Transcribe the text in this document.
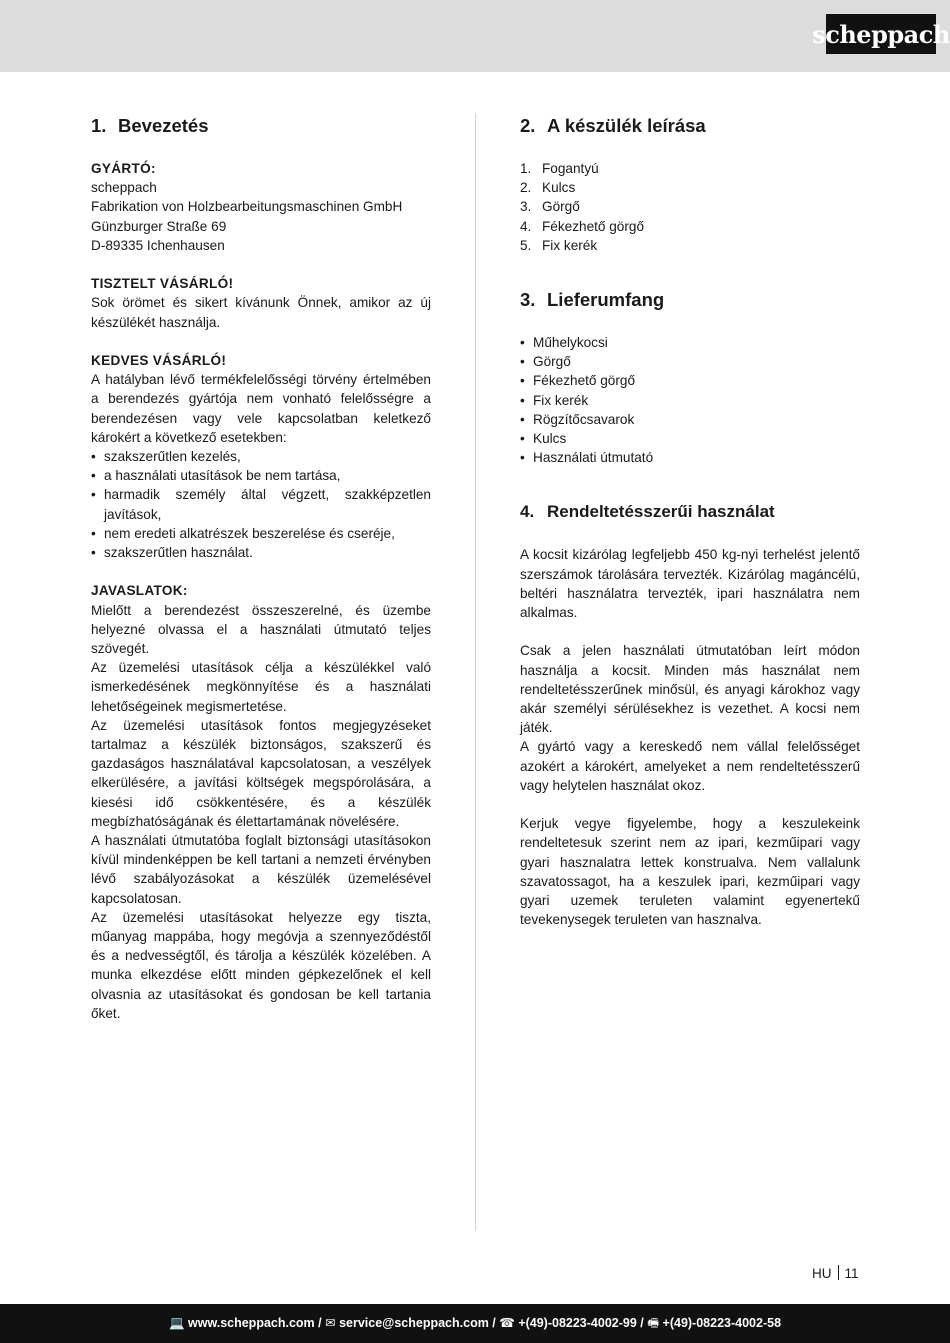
scheppach
1. Bevezetés
GYÁRTÓ:
scheppach
Fabrikation von Holzbearbeitungsmaschinen GmbH
Günzburger Straße 69
D-89335 Ichenhausen
TISZTELT VÁSÁRLÓ!
Sok örömet és sikert kívánunk Önnek, amikor az új készülékét használja.
KEDVES VÁSÁRLÓ!
A hatályban lévő termékfelelősségi törvény értelmében a berendezés gyártója nem vonható felelősségre a berendezésen vagy vele kapcsolatban keletkező károkért a következő esetekben:
• szakszerűtlen kezelés,
• a használati utasítások be nem tartása,
• harmadik személy által végzett, szakképzetlen javítások,
• nem eredeti alkatrészek beszerelése és cseréje,
• szakszerűtlen használat.
JAVASLATOK:
Mielőtt a berendezést összeszerelné, és üzembe helyezné olvassa el a használati útmutató teljes szövegét.
Az üzemelési utasítások célja a készülékkel való ismerkedésének megkönnyítése és a használati lehetőségeinek megismertetése.
Az üzemelési utasítások fontos megjegyzéseket tartalmaz a készülék biztonságos, szakszerű és gazdaságos használatával kapcsolatosan, a veszélyek elkerülésére, a javítási költségek megspórolására, a kiesési idő csökkentésére, és a készülék megbízhatóságának és élettartamának növelésére.
A használati útmutatóba foglalt biztonsági utasításokon kívül mindenképpen be kell tartani a nemzeti érvényben lévő szabályozásokat a készülék üzemelésével kapcsolatosan.
Az üzemelési utasításokat helyezze egy tiszta, műanyag mappába, hogy megóvja a szennyeződéstől és a nedvességtől, és tárolja a készülék közelében. A munka elkezdése előtt minden gépkezelőnek el kell olvasnia az utasításokat és gondosan be kell tartania őket.
2. A készülék leírása
1. Fogantyú
2. Kulcs
3. Görgő
4. Fékezhető görgő
5. Fix kerék
3. Lieferumfang
• Műhelykocsi
• Görgő
• Fékezhető görgő
• Fix kerék
• Rögzítőcsavarok
• Kulcs
• Használati útmutató
4. Rendeltetésszerűi használat
A kocsit kizárólag legfeljebb 450 kg-nyi terhelést jelentő szerszámok tárolására tervezték. Kizárólag magáncélú, beltéri használatra tervezték, ipari használatra nem alkalmas.
Csak a jelen használati útmutatóban leírt módon használja a kocsit. Minden más használat nem rendeltetésszerűnek minősül, és anyagi károkhoz vagy akár személyi sérülésekhez is vezethet. A kocsi nem játék.
A gyártó vagy a kereskedő nem vállal felelősséget azokért a károkért, amelyeket a nem rendeltetésszerű vagy helytelen használat okoz.
Kerjuk vegye figyelembe, hogy a keszulekeink rendeltetesuk szerint nem az ipari, kezműipari vagy gyari hasznalatra lettek konstrualva. Nem vallalunk szavatossagot, ha a keszulek ipari, kezműipari vagy gyari uzemek teruleten valamint egyenertekű tevekenysegek teruleten van hasznalva.
HU 11
💻 www.scheppach.com / ✉ service@scheppach.com / ☎ +(49)-08223-4002-99 / 🖷 +(49)-08223-4002-58
